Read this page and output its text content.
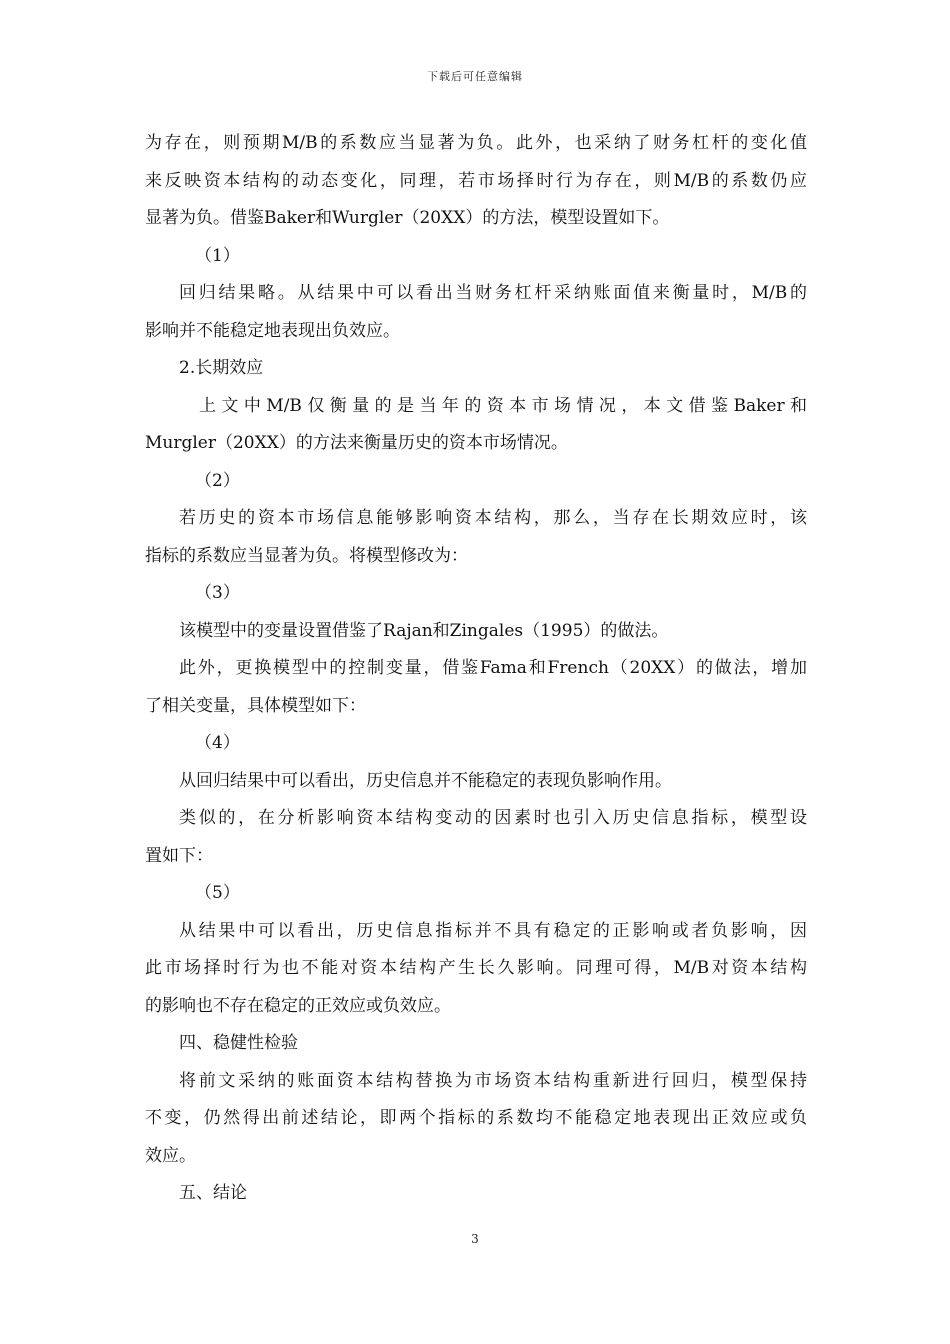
下载后可任意编辑
为存在，则预期M/B的系数应当显著为负。此外，也采纳了财务杠杆的变化值
来反映资本结构的动态变化，同理，若市场择时行为存在，则M/B的系数仍应
显著为负。借鉴Baker和Wurgler（20XX）的方法，模型设置如下。
（1）
回归结果略。从结果中可以看出当财务杠杆采纳账面值来衡量时，M/B的
影响并不能稳定地表现出负效应。
2.长期效应
上文中M/B仅衡量的是当年的资本市场情况，本文借鉴Baker和
Murgler（20XX）的方法来衡量历史的资本市场情况。
（2）
若历史的资本市场信息能够影响资本结构，那么，当存在长期效应时，该
指标的系数应当显著为负。将模型修改为：
（3）
该模型中的变量设置借鉴了Rajan和Zingales（1995）的做法。
此外，更换模型中的控制变量，借鉴Fama和French（20XX）的做法，增加
了相关变量，具体模型如下：
（4）
从回归结果中可以看出，历史信息并不能稳定的表现负影响作用。
类似的，在分析影响资本结构变动的因素时也引入历史信息指标，模型设
置如下：
（5）
从结果中可以看出，历史信息指标并不具有稳定的正影响或者负影响，因
此市场择时行为也不能对资本结构产生长久影响。同理可得，M/B对资本结构
的影响也不存在稳定的正效应或负效应。
四、稳健性检验
将前文采纳的账面资本结构替换为市场资本结构重新进行回归，模型保持
不变，仍然得出前述结论，即两个指标的系数均不能稳定地表现出正效应或负
效应。
五、结论
3
